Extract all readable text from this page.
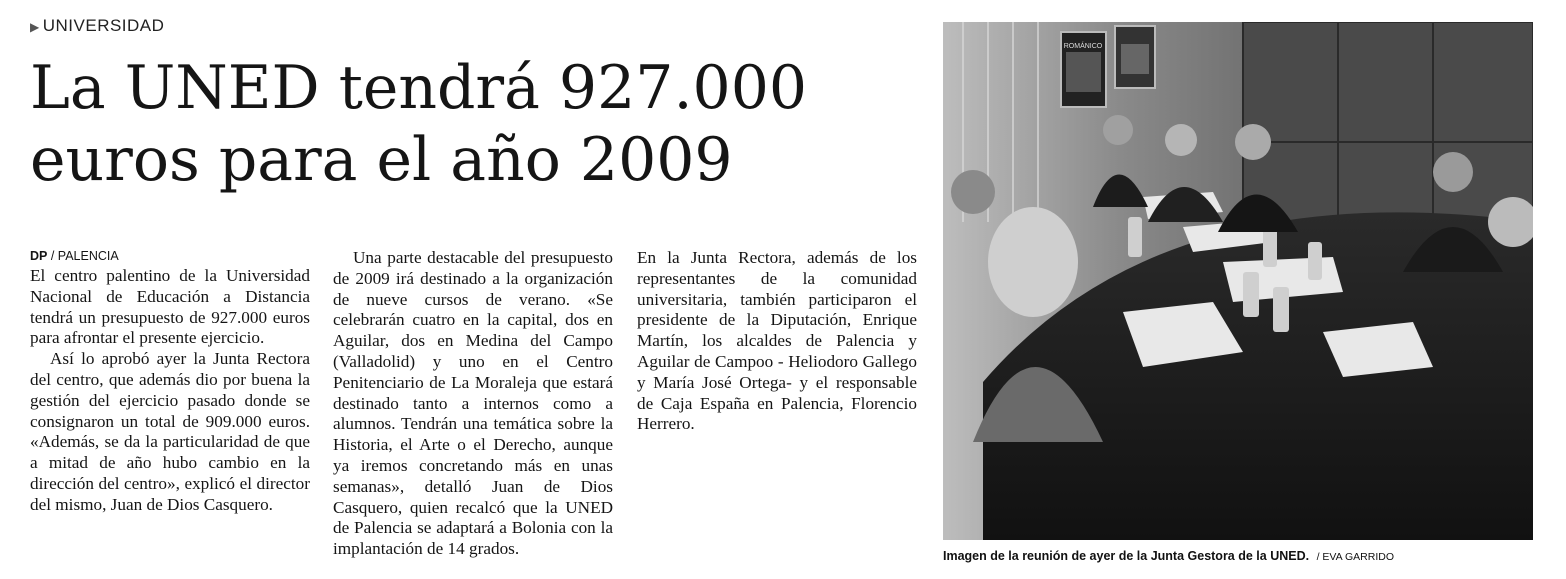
▶ UNIVERSIDAD
La UNED tendrá 927.000
euros para el año 2009
DP / PALENCIA

El centro palentino de la Universidad Nacional de Educación a Distancia tendrá un presupuesto de 927.000 euros para afrontar el presente ejercicio.

Así lo aprobó ayer la Junta Rectora del centro, que además dio por buena la gestión del ejercicio pasado donde se consignaron un total de 909.000 euros. «Además, se da la particularidad de que a mitad de año hubo cambio en la dirección del centro», explicó el director del mismo, Juan de Dios Casquero.

Una parte destacable del presupuesto de 2009 irá destinado a la organización de nueve cursos de verano. «Se celebrarán cuatro en la capital, dos en Aguilar, dos en Medina del Campo (Valladolid) y uno en el Centro Penitenciario de La Moraleja que estará destinado tanto a internos como a alumnos. Tendrán una temática sobre la Historia, el Arte o el Derecho, aunque ya iremos concretando más en unas semanas», detalló Juan de Dios Casquero, quien recalcó que la UNED de Palencia se adaptará a Bolonia con la implantación de 14 grados.

En la Junta Rectora, además de los representantes de la comunidad universitaria, también participaron el presidente de la Diputación, Enrique Martín, los alcaldes de Palencia y Aguilar de Campoo - Heliodoro Gallego y María José Ortega- y el responsable de Caja España en Palencia, Florencio Herrero.

ROMÁNICO
Imagen de la reunión de ayer de la Junta Gestora de la UNED. / EVA GARRIDO
